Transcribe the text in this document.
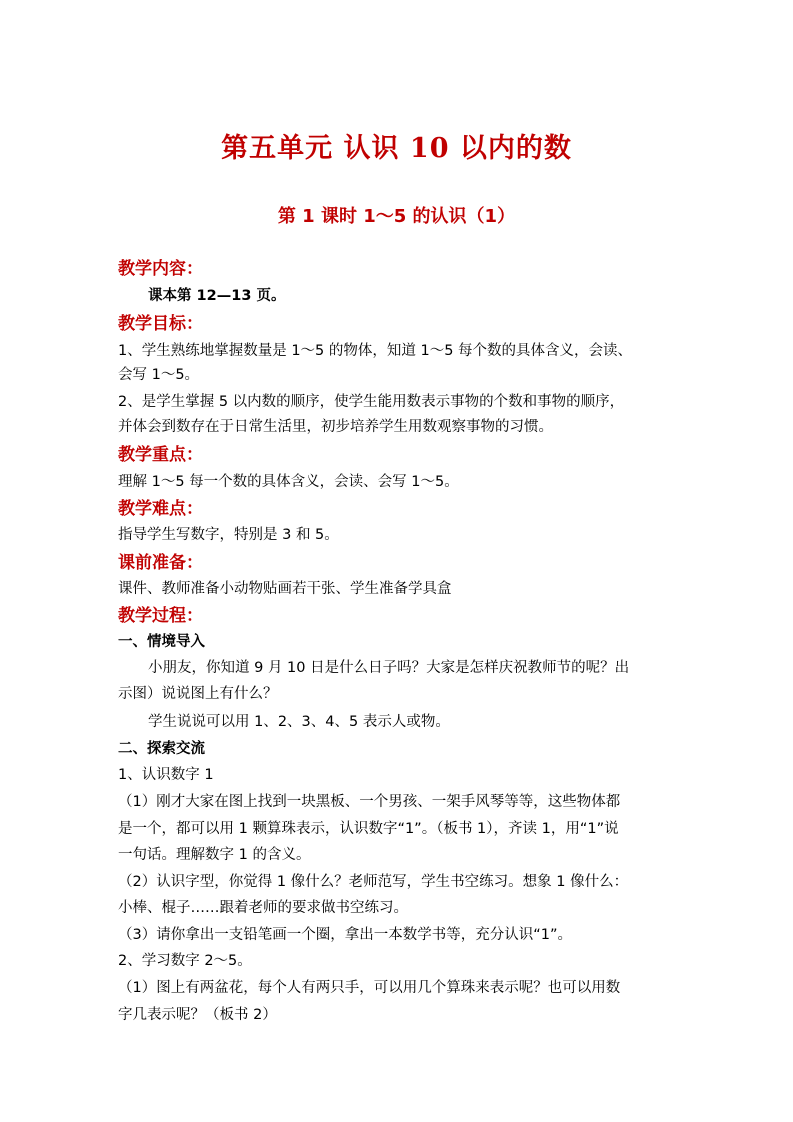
第五单元 认识 10 以内的数
第 1 课时 1～5 的认识（1）
教学内容：
课本第 12—13 页。
教学目标：
1、学生熟练地掌握数量是 1～5 的物体，知道 1～5 每个数的具体含义，会读、
会写 1～5。
2、是学生掌握 5 以内数的顺序，使学生能用数表示事物的个数和事物的顺序，
并体会到数存在于日常生活里，初步培养学生用数观察事物的习惯。
教学重点：
理解 1～5 每一个数的具体含义，会读、会写 1～5。
教学难点：
指导学生写数字，特别是 3 和 5。
课前准备：
课件、教师准备小动物贴画若干张、学生准备学具盒
教学过程：
一、情境导入
小朋友，你知道 9 月 10 日是什么日子吗？大家是怎样庆祝教师节的呢？出
示图）说说图上有什么？
学生说说可以用 1、2、3、4、5 表示人或物。
二、探索交流
1、认识数字 1
（1）刚才大家在图上找到一块黑板、一个男孩、一架手风琴等等，这些物体都
是一个，都可以用 1 颗算珠表示，认识数字“1”。（板书 1），齐读 1，用“1”说
一句话。理解数字 1 的含义。
（2）认识字型，你觉得 1 像什么？老师范写，学生书空练习。想象 1 像什么：
小棒、棍子……跟着老师的要求做书空练习。
（3）请你拿出一支铅笔画一个圈，拿出一本数学书等，充分认识“1”。
2、学习数字 2～5。
（1）图上有两盆花，每个人有两只手，可以用几个算珠来表示呢？也可以用数
字几表示呢？（板书 2）
